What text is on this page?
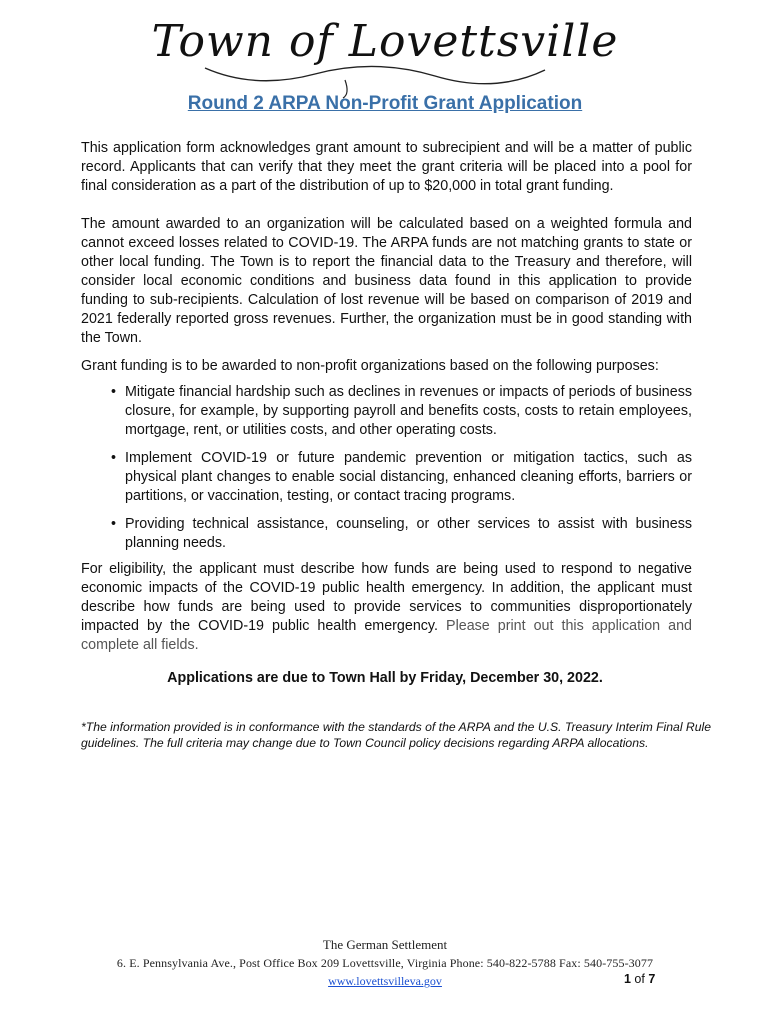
Town of Lovettsville
Round 2 ARPA Non-Profit Grant Application

This application form acknowledges grant amount to subrecipient and will be a matter of public record. Applicants that can verify that they meet the grant criteria will be placed into a pool for final consideration as a part of the distribution of up to $20,000 in total grant funding.

The amount awarded to an organization will be calculated based on a weighted formula and cannot exceed losses related to COVID-19. The ARPA funds are not matching grants to state or other local funding. The Town is to report the financial data to the Treasury and therefore, will consider local economic conditions and business data found in this application to provide funding to sub-recipients. Calculation of lost revenue will be based on comparison of 2019 and 2021 federally reported gross revenues. Further, the organization must be in good standing with the Town.

Grant funding is to be awarded to non-profit organizations based on the following purposes:

• Mitigate financial hardship such as declines in revenues or impacts of periods of business closure, for example, by supporting payroll and benefits costs, costs to retain employees, mortgage, rent, or utilities costs, and other operating costs.
• Implement COVID-19 or future pandemic prevention or mitigation tactics, such as physical plant changes to enable social distancing, enhanced cleaning efforts, barriers or partitions, or vaccination, testing, or contact tracing programs.
• Providing technical assistance, counseling, or other services to assist with business planning needs.

For eligibility, the applicant must describe how funds are being used to respond to negative economic impacts of the COVID-19 public health emergency. In addition, the applicant must describe how funds are being used to provide services to communities disproportionately impacted by the COVID-19 public health emergency. Please print out this application and complete all fields.

Applications are due to Town Hall by Friday, December 30, 2022.

*The information provided is in conformance with the standards of the ARPA and the U.S. Treasury Interim Final Rule guidelines. The full criteria may change due to Town Council policy decisions regarding ARPA allocations.

The German Settlement
6. E. Pennsylvania Ave., Post Office Box 209 Lovettsville, Virginia Phone: 540-822-5788 Fax: 540-755-3077
www.lovettsvilleva.gov	1 of 7
